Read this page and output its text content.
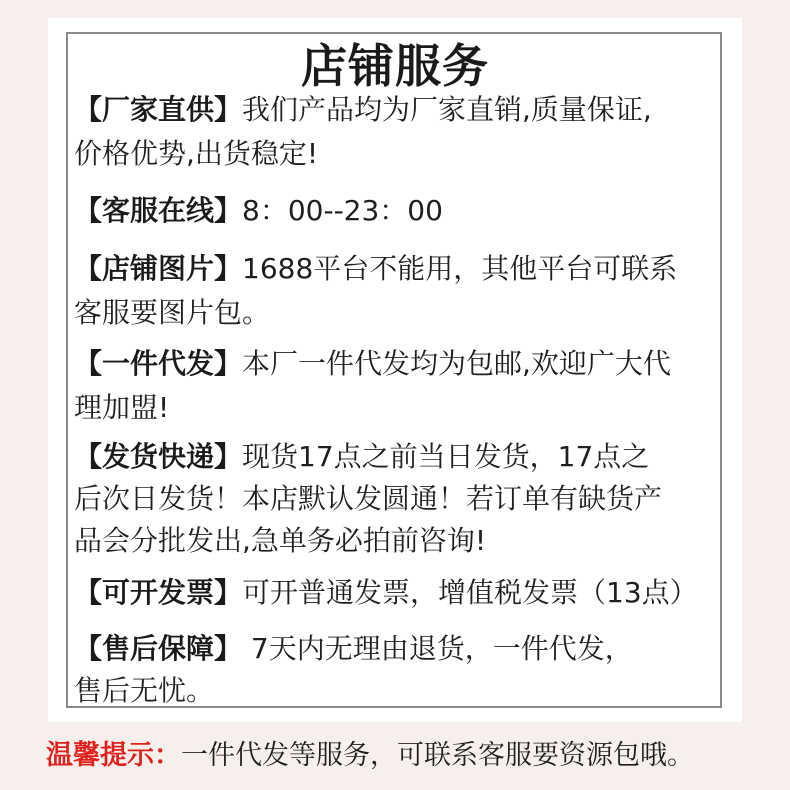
店铺服务
【厂家直供】我们产品均为厂家直销,质量保证,
价格优势,出货稳定!
【客服在线】8：00--23：00
【店铺图片】1688平台不能用，其他平台可联系
客服要图片包。
【一件代发】本厂一件代发均为包邮,欢迎广大代
理加盟!
【发货快递】现货17点之前当日发货，17点之
后次日发货！本店默认发圆通！若订单有缺货产
品会分批发出,急单务必拍前咨询!
【可开发票】可开普通发票，增值税发票（13点）
【售后保障】 7天内无理由退货，一件代发，
售后无忧。
温馨提示：一件代发等服务，可联系客服要资源包哦。
